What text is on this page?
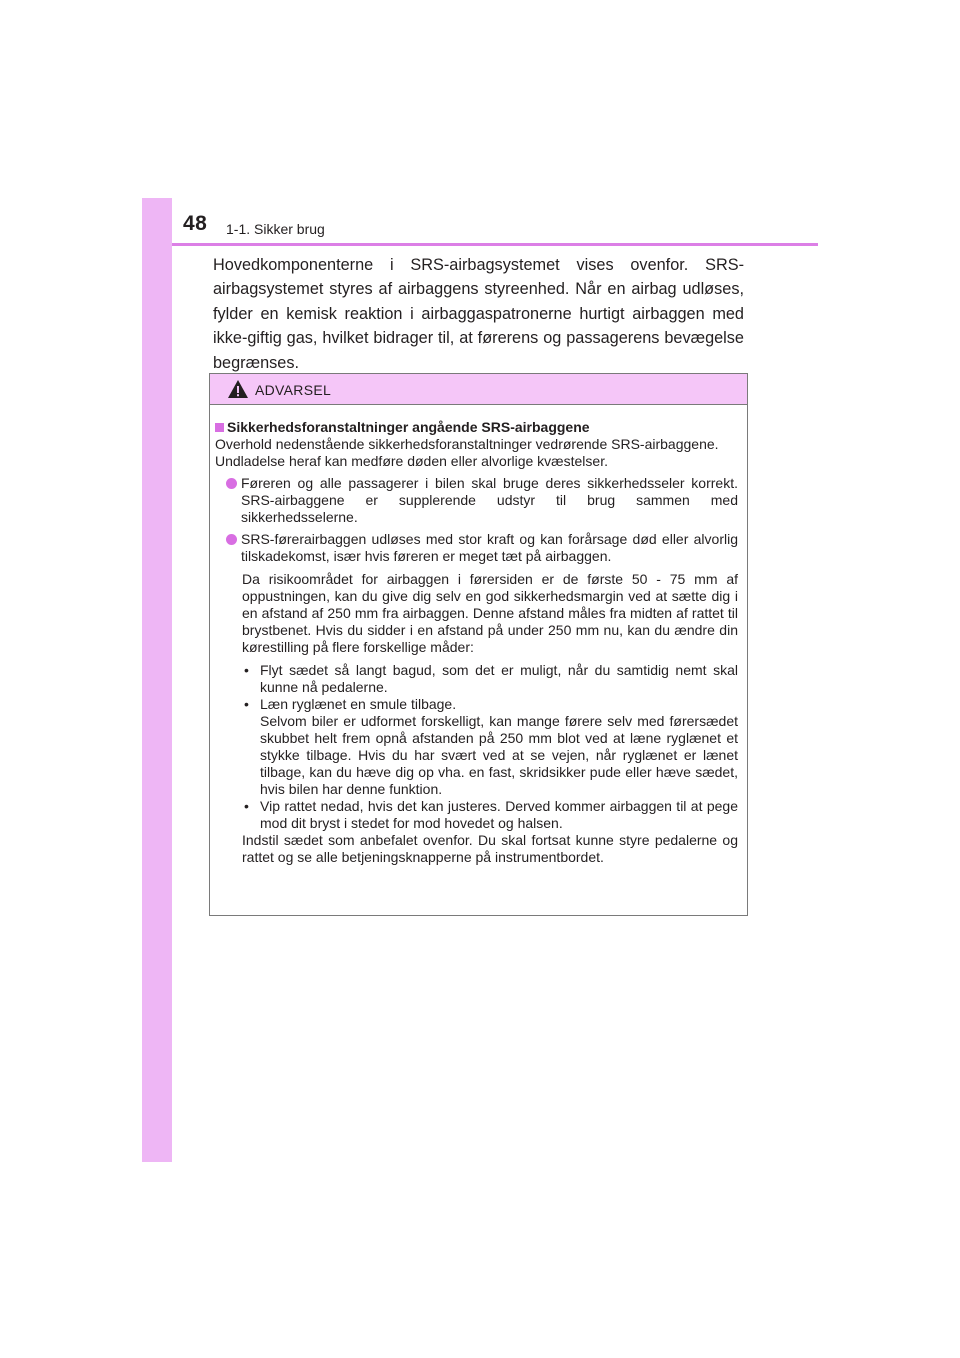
48 1-1. Sikker brug

Hovedkomponenterne i SRS-airbagsystemet vises ovenfor. SRS-airbagsystemet styres af airbaggens styreenhed. Når en airbag udløses, fylder en kemisk reaktion i airbaggaspatronerne hurtigt airbaggen med ikke-giftig gas, hvilket bidrager til, at førerens og passagerens bevægelse begrænses.

ADVARSEL

Sikkerhedsforanstaltninger angående SRS-airbaggene

Overhold nedenstående sikkerhedsforanstaltninger vedrørende SRS-airbaggene.

Undladelse heraf kan medføre døden eller alvorlige kvæstelser.

Føreren og alle passagerer i bilen skal bruge deres sikkerhedsseler korrekt. SRS-airbaggene er supplerende udstyr til brug sammen med sikkerhedsselerne.
SRS-førerairbaggen udløses med stor kraft og kan forårsage død eller alvorlig tilskadekomst, især hvis føreren er meget tæt på airbaggen.

Da risikoområdet for airbaggen i førersiden er de første 50 - 75 mm af oppustningen, kan du give dig selv en god sikkerhedsmargin ved at sætte dig i en afstand af 250 mm fra airbaggen. Denne afstand måles fra midten af rattet til brystbenet. Hvis du sidder i en afstand på under 250 mm nu, kan du ændre din kørestilling på flere forskellige måder:

• Flyt sædet så langt bagud, som det er muligt, når du samtidig nemt skal kunne nå pedalerne.
• Læn ryglænet en smule tilbage.
Selvom biler er udformet forskelligt, kan mange førere selv med førersædet skubbet helt frem opnå afstanden på 250 mm blot ved at læne ryglænet et stykke tilbage. Hvis du har svært ved at se vejen, når ryglænet er lænet tilbage, kan du hæve dig op vha. en fast, skridsikker pude eller hæve sædet, hvis bilen har denne funktion.
• Vip rattet nedad, hvis det kan justeres. Derved kommer airbaggen til at pege mod dit bryst i stedet for mod hovedet og halsen.

Indstil sædet som anbefalet ovenfor. Du skal fortsat kunne styre pedalerne og rattet og se alle betjeningsknapperne på instrumentbordet.
